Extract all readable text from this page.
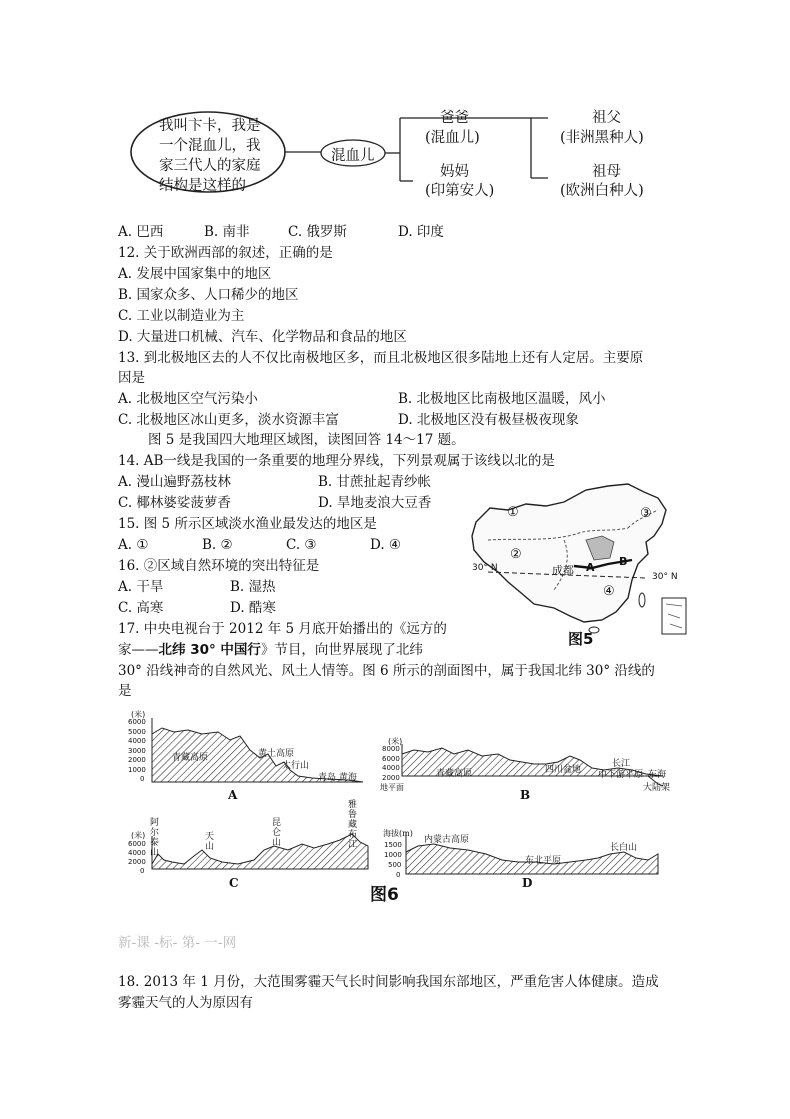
我叫卞卡，我是
一个混血儿，我
家三代人的家庭
结构是这样的
混血儿
爸爸
(混血儿)
妈妈
(印第安人)
祖父
(非洲黑种人)
祖母
(欧洲白种人)
A. 巴西	B. 南非	C. 俄罗斯	D. 印度
12. 关于欧洲西部的叙述，正确的是
A. 发展中国家集中的地区
B. 国家众多、人口稀少的地区
C. 工业以制造业为主
D. 大量进口机械、汽车、化学物品和食品的地区
13. 到北极地区去的人不仅比南极地区多，而且北极地区很多陆地上还有人定居。主要原
因是
A. 北极地区空气污染小	B. 北极地区比南极地区温暖，风小
C. 北极地区冰山更多，淡水资源丰富	D. 北极地区没有极昼极夜现象
图 5 是我国四大地理区域图，读图回答 14～17 题。
14. AB一线是我国的一条重要的地理分界线，下列景观属于该线以北的是
A. 漫山遍野荔枝林	B. 甘蔗扯起青纱帐
C. 椰林婆娑菠萝香	D. 旱地麦浪大豆香
15. 图 5 所示区域淡水渔业最发达的地区是
A. ①	B. ②	C. ③	D. ④
16. ②区域自然环境的突出特征是
A. 干旱	B. 湿热
C. 高寒	D. 酷寒
17. 中央电视台于 2012 年 5 月底开始播出的《远方的
家——北纬 30° 中国行》节目，向世界展现了北纬
30° 沿线神奇的自然风光、风土人情等。图 6 所示的剖面图中，属于我国北纬 30° 沿线的
是
①
②
③
④
30° N
30° N
成都 A B
图5
(米)
6000
5000
4000
3000
2000
1000
0
青藏高原	黄土高原
太行山
青岛 黄海
A
(米)
8000
6000
4000
2000
地平面
青藏高原	四川盆地
长江
中下游平原 东海
大陆架
B
(米)
6000
4000
2000
0
阿尔泰山
天山
昆仑山
雅鲁藏布江
C
海拔(m)
1500
1000
500
0
内蒙古高原
东北平原
长白山
D
图6
新-课 -标- 第- 一-网
18. 2013 年 1 月份，大范围雾霾天气长时间影响我国东部地区，严重危害人体健康。造成
雾霾天气的人为原因有
